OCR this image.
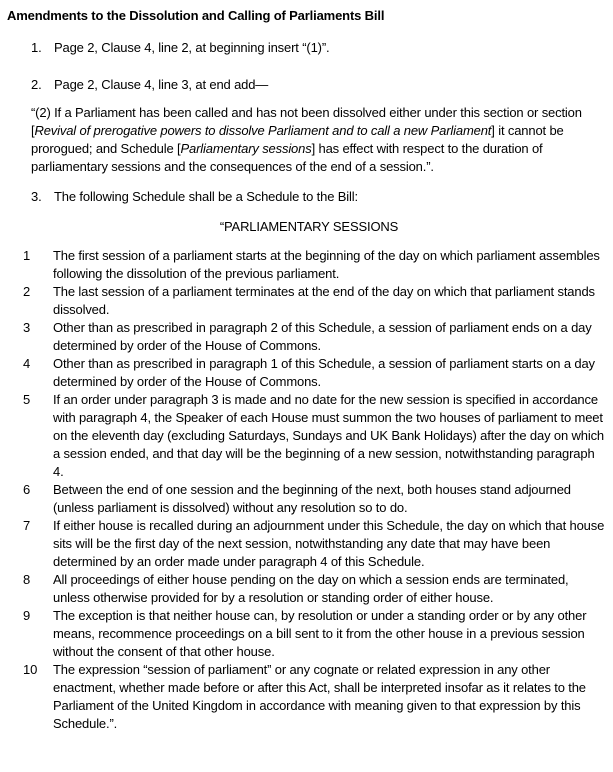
Amendments to the Dissolution and Calling of Parliaments Bill
1. Page 2, Clause 4, line 2, at beginning insert “(1)”.
2. Page 2, Clause 4, line 3, at end add—
“(2) If a Parliament has been called and has not been dissolved either under this section or section [Revival of prerogative powers to dissolve Parliament and to call a new Parliament] it cannot be prorogued; and Schedule [Parliamentary sessions] has effect with respect to the duration of parliamentary sessions and the consequences of the end of a session.”.
3. The following Schedule shall be a Schedule to the Bill:
“PARLIAMENTARY SESSIONS
1	The first session of a parliament starts at the beginning of the day on which parliament assembles following the dissolution of the previous parliament.
2	The last session of a parliament terminates at the end of the day on which that parliament stands dissolved.
3	Other than as prescribed in paragraph 2 of this Schedule, a session of parliament ends on a day determined by order of the House of Commons.
4	Other than as prescribed in paragraph 1 of this Schedule, a session of parliament starts on a day determined by order of the House of Commons.
5	If an order under paragraph 3 is made and no date for the new session is specified in accordance with paragraph 4, the Speaker of each House must summon the two houses of parliament to meet on the eleventh day (excluding Saturdays, Sundays and UK Bank Holidays) after the day on which a session ended, and that day will be the beginning of a new session, notwithstanding paragraph 4.
6	Between the end of one session and the beginning of the next, both houses stand adjourned (unless parliament is dissolved) without any resolution so to do.
7	If either house is recalled during an adjournment under this Schedule, the day on which that house sits will be the first day of the next session, notwithstanding any date that may have been determined by an order made under paragraph 4 of this Schedule.
8	All proceedings of either house pending on the day on which a session ends are terminated, unless otherwise provided for by a resolution or standing order of either house.
9	The exception is that neither house can, by resolution or under a standing order or by any other means, recommence proceedings on a bill sent to it from the other house in a previous session without the consent of that other house.
10	The expression “session of parliament” or any cognate or related expression in any other enactment, whether made before or after this Act, shall be interpreted insofar as it relates to the Parliament of the United Kingdom in accordance with meaning given to that expression by this Schedule.”.
